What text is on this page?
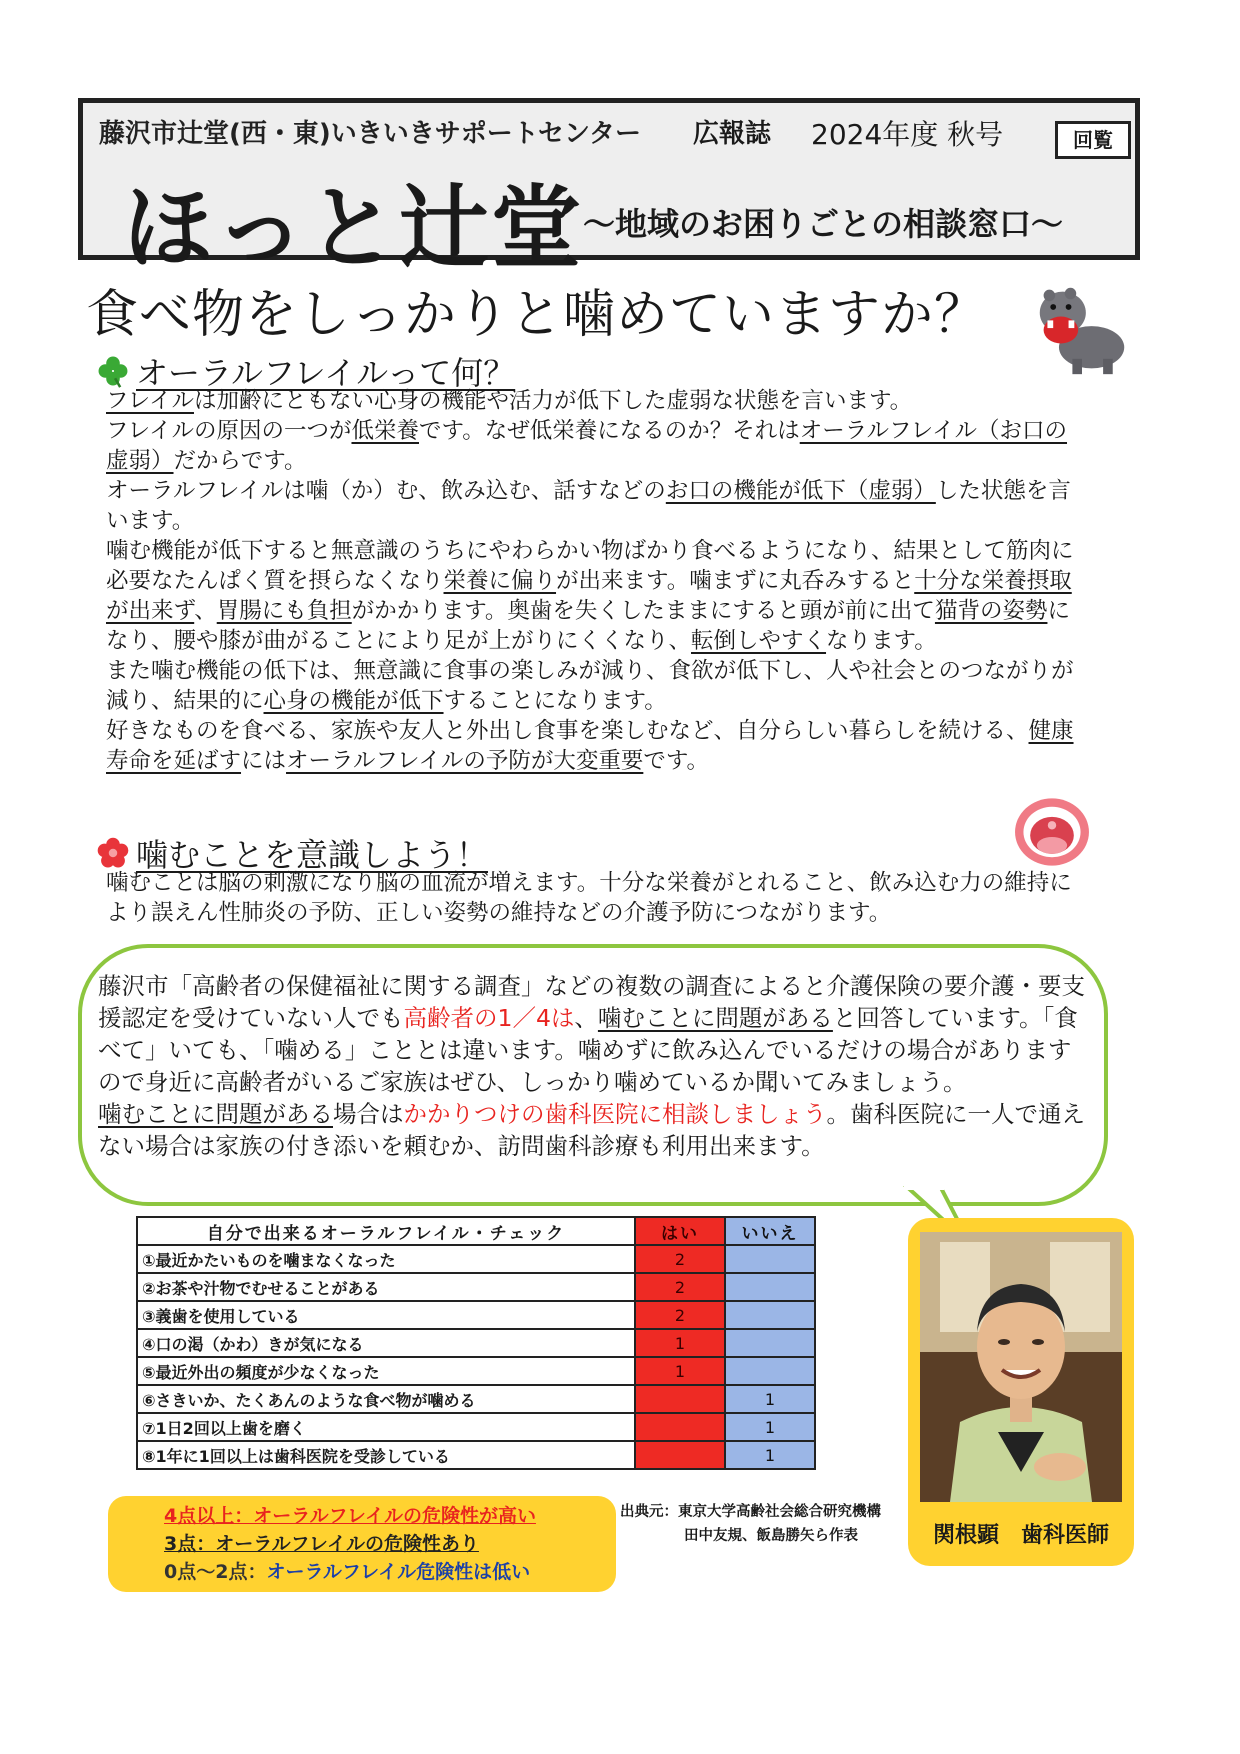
藤沢市辻堂(西・東)いきいきサポートセンター 広報誌 2024年度 秋号	回覧
ほっと辻堂 ～地域のお困りごとの相談窓口～
食べ物をしっかりと噛めていますか？
オーラルフレイルって何？

フレイルは加齢にともない心身の機能や活力が低下した虚弱な状態を言います。

フレイルの原因の一つが低栄養です。なぜ低栄養になるのか？それはオーラルフレイル（お口の虚弱）だからです。

オーラルフレイルは噛（か）む、飲み込む、話すなどのお口の機能が低下（虚弱）した状態を言います。

噛む機能が低下すると無意識のうちにやわらかい物ばかり食べるようになり、結果として筋肉に必要なたんぱく質を摂らなくなり栄養に偏りが出来ます。噛まずに丸呑みすると十分な栄養摂取が出来ず、胃腸にも負担がかかります。奥歯を失くしたままにすると頭が前に出て猫背の姿勢になり、腰や膝が曲がることにより足が上がりにくくなり、転倒しやすくなります。

また噛む機能の低下は、無意識に食事の楽しみが減り、食欲が低下し、人や社会とのつながりが減り、結果的に心身の機能が低下することになります。

好きなものを食べる、家族や友人と外出し食事を楽しむなど、自分らしい暮らしを続ける、健康寿命を延ばすにはオーラルフレイルの予防が大変重要です。

噛むことを意識しよう！

噛むことは脳の刺激になり脳の血流が増えます。十分な栄養がとれること、飲み込む力の維持により誤えん性肺炎の予防、正しい姿勢の維持などの介護予防につながります。

藤沢市「高齢者の保健福祉に関する調査」などの複数の調査によると介護保険の要介護・要支援認定を受けていない人でも高齢者の1／4は、噛むことに問題があると回答しています。「食べて」いても、「噛める」こととは違います。噛めずに飲み込んでいるだけの場合がありますので身近に高齢者がいるご家族はぜひ、しっかり噛めているか聞いてみましょう。

噛むことに問題がある場合はかかりつけの歯科医院に相談しましょう。歯科医院に一人で通えない場合は家族の付き添いを頼むか、訪問歯科診療も利用出来ます。

自分で出来るオーラルフレイル・チェック	はい	いいえ
①最近かたいものを噛まなくなった	2	
②お茶や汁物でむせることがある	2	
③義歯を使用している	2	
④口の渇（かわ）きが気になる	1	
⑤最近外出の頻度が少なくなった	1	
⑥さきいか、たくあんのような食べ物が噛める		1
⑦1日2回以上歯を磨く		1
⑧1年に1回以上は歯科医院を受診している		1
4点以上：オーラルフレイルの危険性が高い
3点：オーラルフレイルの危険性あり
0点～2点：オーラルフレイル危険性は低い
出典元：東京大学高齢社会総合研究機構
田中友規、飯島勝矢ら作表	関根顕　歯科医師
